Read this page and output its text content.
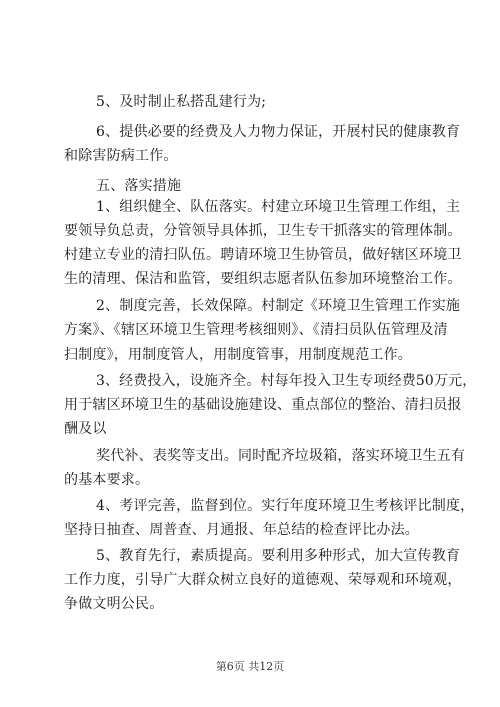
5、及时制止私搭乱建行为;
6、提供必要的经费及人力物力保证，开展村民的健康教育
和除害防病工作。
五、落实措施
1、组织健全、队伍落实。村建立环境卫生管理工作组，主
要领导负总责，分管领导具体抓，卫生专干抓落实的管理体制。
村建立专业的清扫队伍。聘请环境卫生协管员，做好辖区环境卫
生的清理、保洁和监管，要组织志愿者队伍参加环境整治工作。
2、制度完善，长效保障。村制定《环境卫生管理工作实施
方案》、《辖区环境卫生管理考核细则》、《清扫员队伍管理及清
扫制度》，用制度管人，用制度管事，用制度规范工作。
3、经费投入，设施齐全。村每年投入卫生专项经费50万元，
用于辖区环境卫生的基础设施建设、重点部位的整治、清扫员报
酬及以
奖代补、表奖等支出。同时配齐垃圾箱，落实环境卫生五有
的基本要求。
4、考评完善，监督到位。实行年度环境卫生考核评比制度，
坚持日抽查、周普查、月通报、年总结的检查评比办法。
5、教育先行，素质提高。要利用多种形式，加大宣传教育
工作力度，引导广大群众树立良好的道德观、荣辱观和环境观，
争做文明公民。
第6页 共12页
